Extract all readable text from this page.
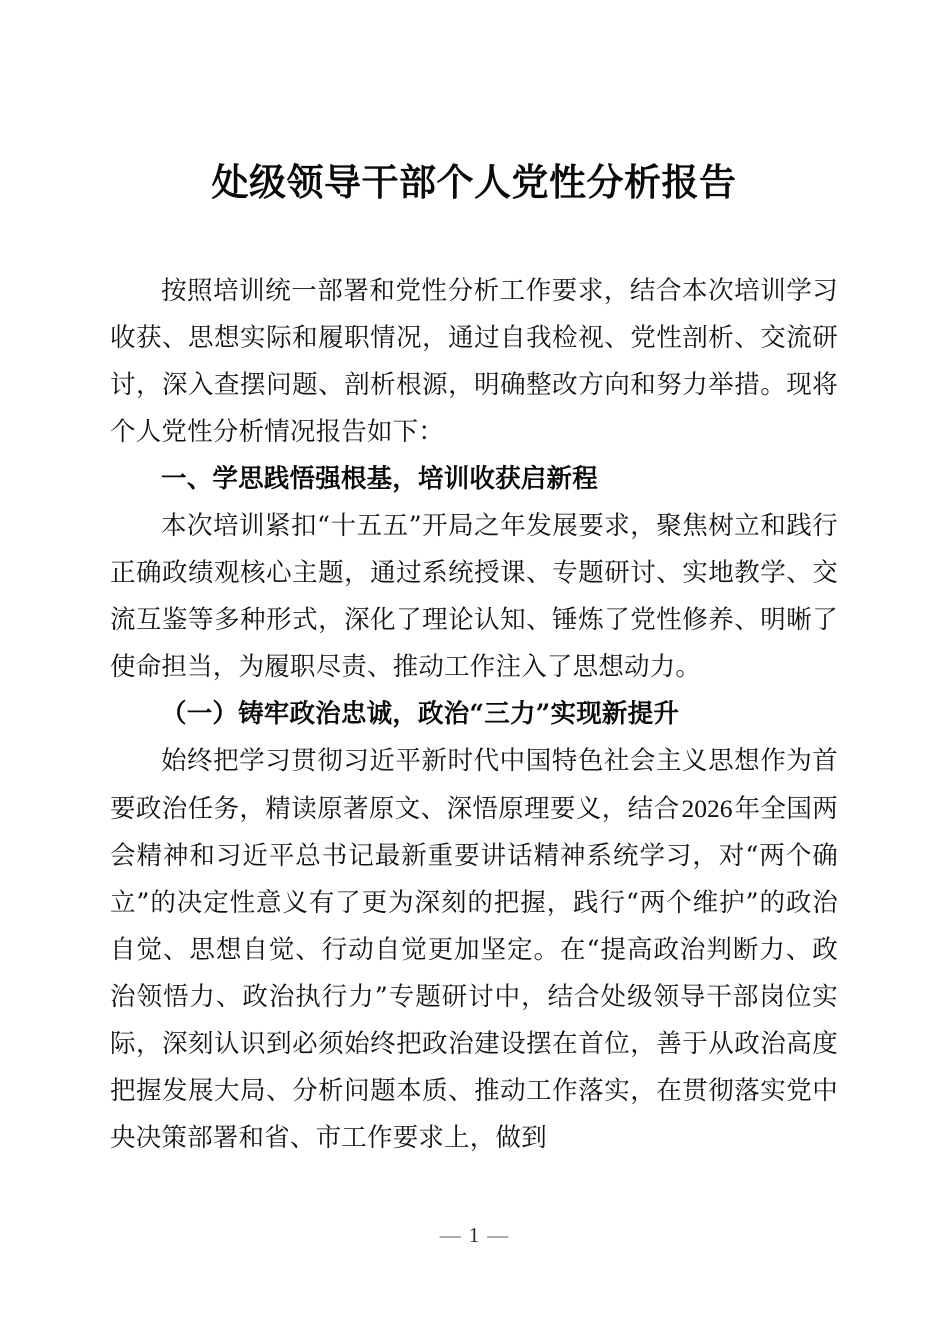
处级领导干部个人党性分析报告

按照培训统一部署和党性分析工作要求，结合本次培训学习收获、思想实际和履职情况，通过自我检视、党性剖析、交流研讨，深入查摆问题、剖析根源，明确整改方向和努力举措。现将个人党性分析情况报告如下：

一、学思践悟强根基，培训收获启新程

本次培训紧扣“十五五”开局之年发展要求，聚焦树立和践行正确政绩观核心主题，通过系统授课、专题研讨、实地教学、交流互鉴等多种形式，深化了理论认知、锤炼了党性修养、明晰了使命担当，为履职尽责、推动工作注入了思想动力。

（一）铸牢政治忠诚，政治“三力”实现新提升

始终把学习贯彻习近平新时代中国特色社会主义思想作为首要政治任务，精读原著原文、深悟原理要义，结合2026年全国两会精神和习近平总书记最新重要讲话精神系统学习，对“两个确立”的决定性意义有了更为深刻的把握，践行“两个维护”的政治自觉、思想自觉、行动自觉更加坚定。在“提高政治判断力、政治领悟力、政治执行力”专题研讨中，结合处级领导干部岗位实际，深刻认识到必须始终把政治建设摆在首位，善于从政治高度把握发展大局、分析问题本质、推动工作落实，在贯彻落实党中央决策部署和省、市工作要求上，做到

— 1 —
